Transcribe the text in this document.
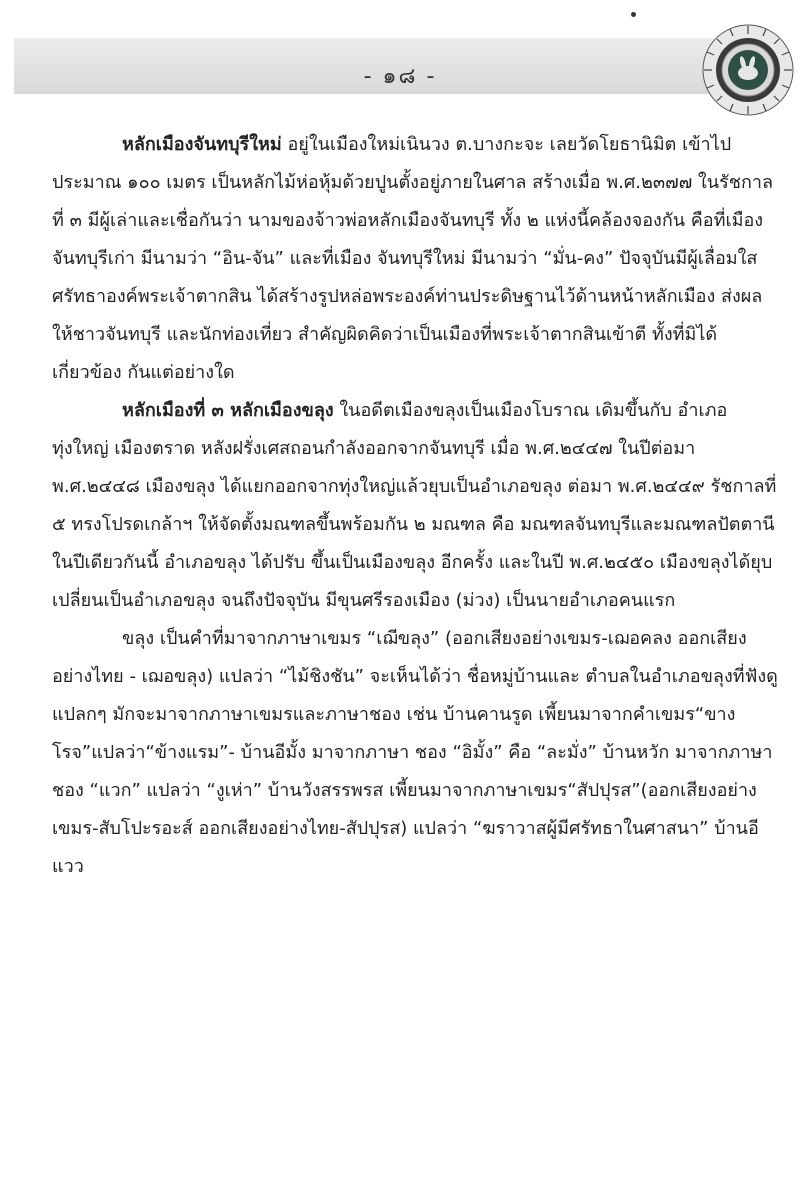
- ๑๘ -

หลักเมืองจันทบุรีใหม่ อยู่ในเมืองใหม่เนินวง ต.บางกะจะ เลยวัดโยธานิมิต เข้าไปประมาณ ๑๐๐ เมตร เป็นหลักไม้ห่อหุ้มด้วยปูนตั้งอยู่ภายในศาล สร้างเมื่อ พ.ศ.๒๓๗๗ ในรัชกาลที่ ๓ มีผู้เล่าและเชื่อกันว่า นามของจ้าวพ่อหลักเมืองจันทบุรี ทั้ง ๒ แห่งนี้คล้องจองกัน คือที่เมืองจันทบุรีเก่า มีนามว่า “อิน-จัน” และที่เมือง จันทบุรีใหม่ มีนามว่า “มั่น-คง” ปัจจุบันมีผู้เลื่อมใสศรัทธาองค์พระเจ้าตากสิน ได้สร้างรูปหล่อพระองค์ท่านประดิษฐานไว้ด้านหน้าหลักเมือง ส่งผลให้ชาวจันทบุรี และนักท่องเที่ยว สำคัญผิดคิดว่าเป็นเมืองที่พระเจ้าตากสินเข้าตี ทั้งที่มิได้เกี่ยวข้อง กันแต่อย่างใด

หลักเมืองที่ ๓ หลักเมืองขลุง ในอดีตเมืองขลุงเป็นเมืองโบราณ เดิมขึ้นกับ อำเภอทุ่งใหญ่ เมืองตราด หลังฝรั่งเศสถอนกำลังออกจากจันทบุรี เมื่อ พ.ศ.๒๔๔๗ ในปีต่อมา พ.ศ.๒๔๔๘ เมืองขลุง ได้แยกออกจากทุ่งใหญ่แล้วยุบเป็นอำเภอขลุง ต่อมา พ.ศ.๒๔๔๙ รัชกาลที่ ๕ ทรงโปรดเกล้าฯ ให้จัดตั้งมณฑลขึ้นพร้อมกัน ๒ มณฑล คือ มณฑลจันทบุรีและมณฑลปัตตานี ในปีเดียวกันนี้ อำเภอขลุง ได้ปรับ ขึ้นเป็นเมืองขลุง อีกครั้ง และในปี พ.ศ.๒๔๕๐ เมืองขลุงได้ยุบเปลี่ยนเป็นอำเภอขลุง จนถึงปัจจุบัน มีขุนศรีรองเมือง (ม่วง) เป็นนายอำเภอคนแรก

ขลุง เป็นคำที่มาจากภาษาเขมร “เฌีขลุง” (ออกเสียงอย่างเขมร-เฌอคลง ออกเสียงอย่างไทย - เฌอขลุง) แปลว่า “ไม้ชิงชัน” จะเห็นได้ว่า ชื่อหมู่บ้านและ ตำบลในอำเภอขลุงที่ฟังดูแปลกๆ มักจะมาจากภาษาเขมรและภาษาชอง เช่น บ้านคานรูด เพี้ยนมาจากคำเขมร“ขางโรจ”แปลว่า“ข้างแรม”- บ้านอีมั้ง มาจากภาษา ชอง “อิมั้ง” คือ “ละมั่ง” บ้านหวัก มาจากภาษาชอง “แวก” แปลว่า “งูเห่า” บ้านวังสรรพรส เพี้ยนมาจากภาษาเขมร“สัปปุรส”(ออกเสียงอย่างเขมร-สับโปะรอะส์ ออกเสียงอย่างไทย-สัปปุรส) แปลว่า “ฆราวาสผู้มีศรัทธาในศาสนา” บ้านอีแวว
